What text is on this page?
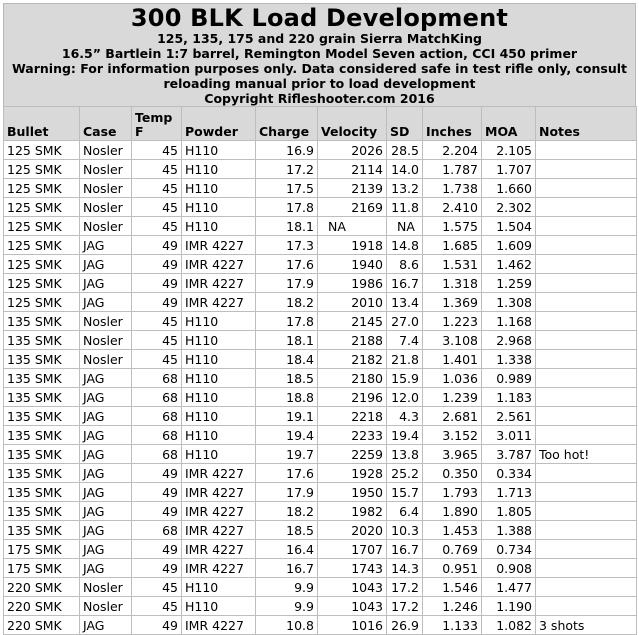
300 BLK Load Development
125, 135, 175 and 220 grain Sierra MatchKing
16.5” Bartlein 1:7 barrel, Remington Model Seven action, CCI 450 primer
Warning: For information purposes only. Data considered safe in test rifle only, consult
reloading manual prior to load development
Copyright Rifleshooter.com 2016
Bullet	Case	Temp F	Powder	Charge	Velocity	SD	Inches	MOA	Notes
125 SMK	Nosler	45	H110	16.9	2026	28.5	2.204	2.105	
125 SMK	Nosler	45	H110	17.2	2114	14.0	1.787	1.707	
125 SMK	Nosler	45	H110	17.5	2139	13.2	1.738	1.660	
125 SMK	Nosler	45	H110	17.8	2169	11.8	2.410	2.302	
125 SMK	Nosler	45	H110	18.1	NA	NA	1.575	1.504	
125 SMK	JAG	49	IMR 4227	17.3	1918	14.8	1.685	1.609	
125 SMK	JAG	49	IMR 4227	17.6	1940	8.6	1.531	1.462	
125 SMK	JAG	49	IMR 4227	17.9	1986	16.7	1.318	1.259	
125 SMK	JAG	49	IMR 4227	18.2	2010	13.4	1.369	1.308	
135 SMK	Nosler	45	H110	17.8	2145	27.0	1.223	1.168	
135 SMK	Nosler	45	H110	18.1	2188	7.4	3.108	2.968	
135 SMK	Nosler	45	H110	18.4	2182	21.8	1.401	1.338	
135 SMK	JAG	68	H110	18.5	2180	15.9	1.036	0.989	
135 SMK	JAG	68	H110	18.8	2196	12.0	1.239	1.183	
135 SMK	JAG	68	H110	19.1	2218	4.3	2.681	2.561	
135 SMK	JAG	68	H110	19.4	2233	19.4	3.152	3.011	
135 SMK	JAG	68	H110	19.7	2259	13.8	3.965	3.787	Too hot!
135 SMK	JAG	49	IMR 4227	17.6	1928	25.2	0.350	0.334	
135 SMK	JAG	49	IMR 4227	17.9	1950	15.7	1.793	1.713	
135 SMK	JAG	49	IMR 4227	18.2	1982	6.4	1.890	1.805	
135 SMK	JAG	68	IMR 4227	18.5	2020	10.3	1.453	1.388	
175 SMK	JAG	49	IMR 4227	16.4	1707	16.7	0.769	0.734	
175 SMK	JAG	49	IMR 4227	16.7	1743	14.3	0.951	0.908	
220 SMK	Nosler	45	H110	9.9	1043	17.2	1.546	1.477	
220 SMK	Nosler	45	H110	9.9	1043	17.2	1.246	1.190	
220 SMK	JAG	49	IMR 4227	10.8	1016	26.9	1.133	1.082	3 shots
